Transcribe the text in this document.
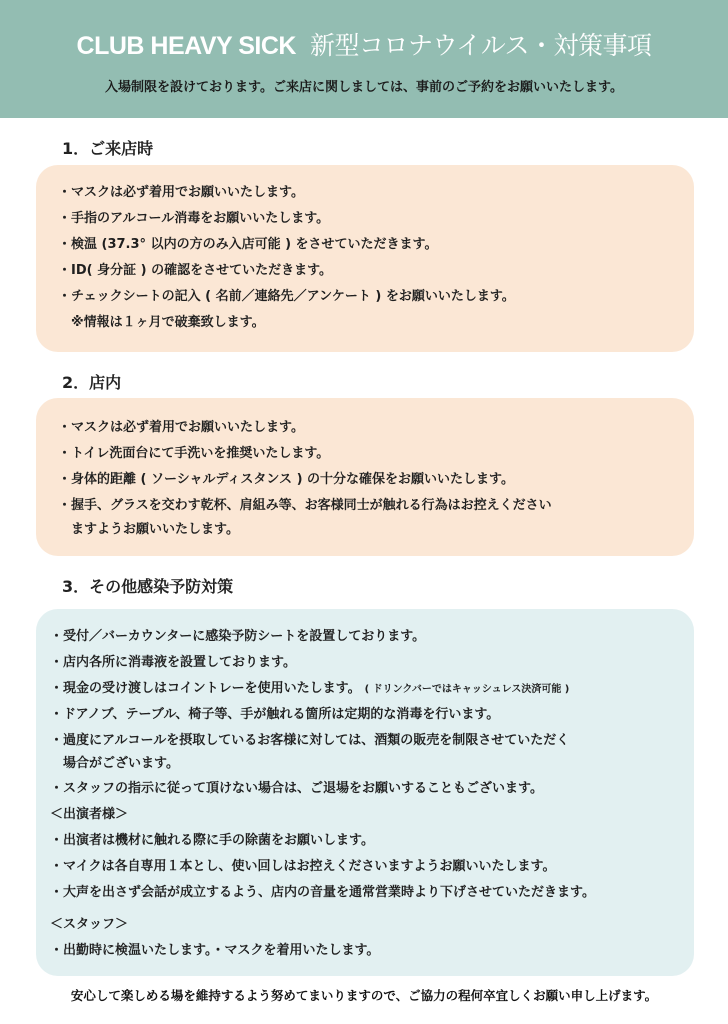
CLUB HEAVY SICK 新型コロナウイルス・対策事項
入場制限を設けております。ご来店に関しましては、事前のご予約をお願いいたします。
1．ご来店時
・マスクは必ず着用でお願いいたします。
・手指のアルコール消毒をお願いいたします。
・検温 (37.3° 以内の方のみ入店可能 ) をさせていただきます。
・ID( 身分証 ) の確認をさせていただきます。
・チェックシートの記入 ( 名前／連絡先／アンケート ) をお願いいたします。
　※情報は１ヶ月で破棄致します。
2．店内
・マスクは必ず着用でお願いいたします。
・トイレ洗面台にて手洗いを推奨いたします。
・身体的距離 ( ソーシャルディスタンス ) の十分な確保をお願いいたします。
・握手、グラスを交わす乾杯、肩組み等、お客様同士が触れる行為はお控えください
　ますようお願いいたします。
3．その他感染予防対策
・受付／バーカウンターに感染予防シートを設置しております。
・店内各所に消毒液を設置しております。
・現金の受け渡しはコイントレーを使用いたします。 ( ドリンクバーではキャッシュレス決済可能 )
・ドアノブ、テーブル、椅子等、手が触れる箇所は定期的な消毒を行います。
・過度にアルコールを摂取しているお客様に対しては、酒類の販売を制限させていただく
　場合がございます。
・スタッフの指示に従って頂けない場合は、ご退場をお願いすることもございます。
＜出演者様＞
・出演者は機材に触れる際に手の除菌をお願いします。
・マイクは各自専用１本とし、使い回しはお控えくださいますようお願いいたします。
・大声を出さず会話が成立するよう、店内の音量を通常営業時より下げさせていただきます。
＜スタッフ＞
・出勤時に検温いたします。・マスクを着用いたします。
安心して楽しめる場を維持するよう努めてまいりますので、ご協力の程何卒宜しくお願い申し上げます。
